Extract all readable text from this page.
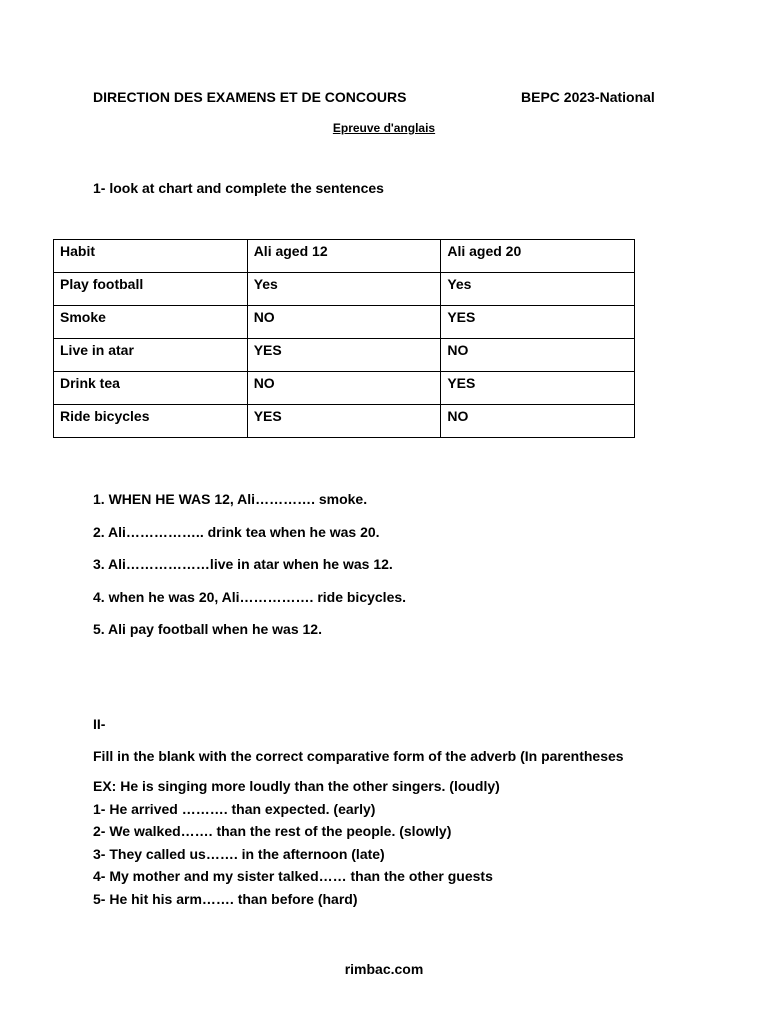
DIRECTION DES EXAMENS ET DE CONCOURS	BEPC 2023-National
Epreuve d'anglais
1- look at chart and complete the sentences
Habit	Ali aged 12	Ali aged 20
Play football	Yes	Yes
Smoke	NO	YES
Live in atar	YES	NO
Drink tea	NO	YES
Ride bicycles	YES	NO
1. WHEN HE WAS 12, Ali…………. smoke.
2. Ali…………….. drink tea when he was 20.
3. Ali………………live in atar when he was 12.
4. when he was 20, Ali……………. ride bicycles.
5. Ali pay football when he was 12.
II-
Fill in the blank with the correct comparative form of the adverb (In parentheses
EX: He is singing more loudly than the other singers. (loudly)
1- He arrived ………. than expected. (early)
2- We walked……. than the rest of the people. (slowly)
3- They called us……. in the afternoon (late)
4- My mother and my sister talked…… than the other guests
5- He hit his arm……. than before (hard)
rimbac.com
